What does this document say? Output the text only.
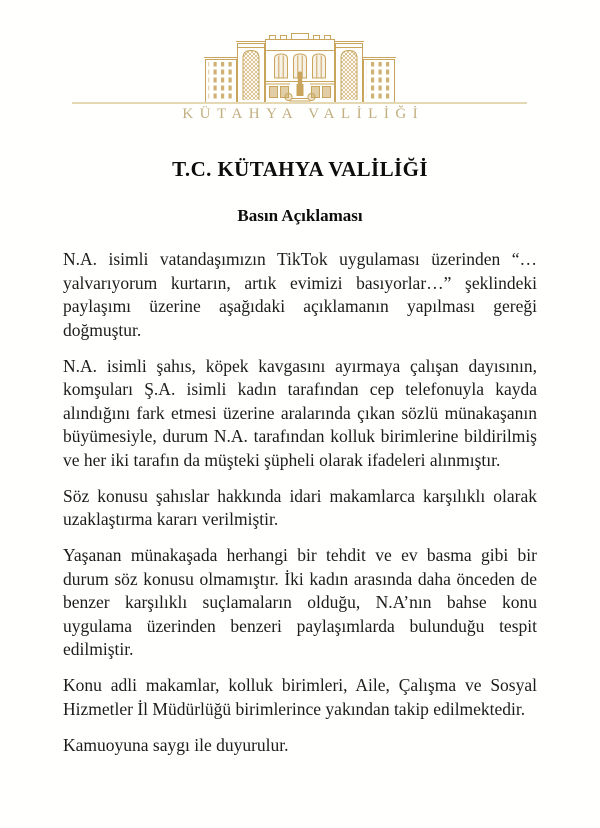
KÜTAHYA VALİLİĞİ
T.C. KÜTAHYA VALİLİĞİ
Basın Açıklaması

N.A. isimli vatandaşımızın TikTok uygulaması üzerinden “… yalvarıyorum kurtarın, artık evimizi basıyorlar…” şeklindeki paylaşımı üzerine aşağıdaki açıklamanın yapılması gereği doğmuştur.

N.A. isimli şahıs, köpek kavgasını ayırmaya çalışan dayısının, komşuları Ş.A. isimli kadın tarafından cep telefonuyla kayda alındığını fark etmesi üzerine aralarında çıkan sözlü münakaşanın büyümesiyle, durum N.A. tarafından kolluk birimlerine bildirilmiş ve her iki tarafın da müşteki şüpheli olarak ifadeleri alınmıştır.

Söz konusu şahıslar hakkında idari makamlarca karşılıklı olarak uzaklaştırma kararı verilmiştir.

Yaşanan münakaşada herhangi bir tehdit ve ev basma gibi bir durum söz konusu olmamıştır. İki kadın arasında daha önceden de benzer karşılıklı suçlamaların olduğu, N.A’nın bahse konu uygulama üzerinden benzeri paylaşımlarda bulunduğu tespit edilmiştir.

Konu adli makamlar, kolluk birimleri, Aile, Çalışma ve Sosyal Hizmetler İl Müdürlüğü birimlerince yakından takip edilmektedir.

Kamuoyuna saygı ile duyurulur.
